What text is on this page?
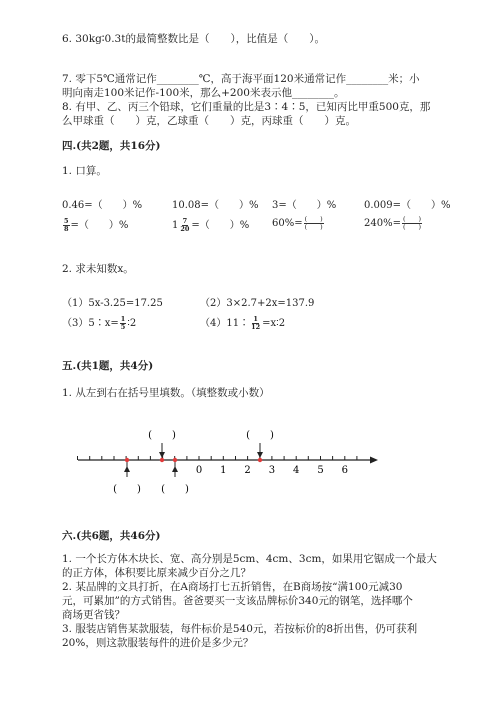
6. 30kg∶0.3t的最简整数比是（　　），比值是（　　）。
7. 零下5℃通常记作________℃，高于海平面120米通常记作________米；小
明向南走100米记作-100米，那么+200米表示他________。
8. 有甲、乙、丙三个铅球，它们重量的比是3∶4∶5，已知丙比甲重500克，那
么甲球重（　　）克，乙球重（　　）克，丙球重（　　）克。
四.(共2题，共16分)
1. 口算。
0.46=（　　）%	10.08=（　　）% 3=（　　）%	0.009=（　　）%
$\frac{5}{8}$ =（　　）%	$1 \frac{7}{20}$ =（　　）% $60\%= \frac{( )}{( )}$	$240\%= \frac{( )}{( )}$
2. 求未知数x。
（1）5x-3.25=17.25	（2）3×2.7+2x=137.9
（3）5∶x= $\frac{1}{5}$ ∶2	（4）11∶ $\frac{1}{12}$ =x∶2
五.(共1题，共4分)
1. 从左到右在括号里填数。（填整数或小数）
0 1 2 3 4 5 6
(　　)	(　　)
(　　) (　　)
六.(共6题，共46分)
1. 一个长方体木块长、宽、高分别是5cm、4cm、3cm，如果用它锯成一个最大
的正方体，体积要比原来减少百分之几？
2. 某品牌的文具打折，在A商场打七五折销售，在B商场按“满100元减30
元，可累加”的方式销售。爸爸要买一支该品牌标价340元的钢笔，选择哪个
商场更省钱？
3. 服装店销售某款服装，每件标价是540元，若按标价的8折出售，仍可获利
20%，则这款服装每件的进价是多少元？
